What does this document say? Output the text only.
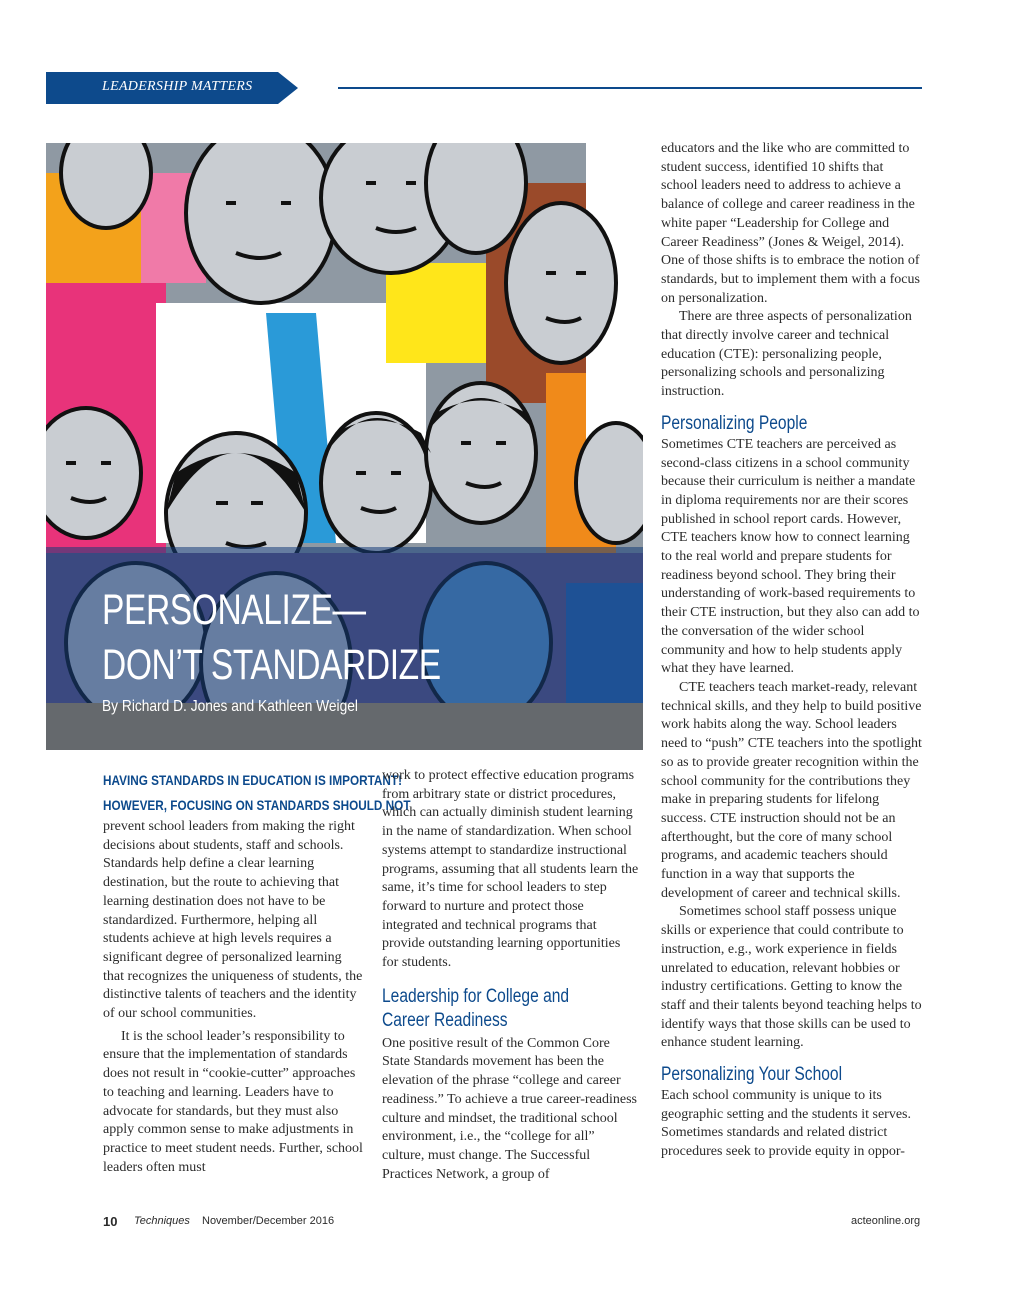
LEADERSHIP MATTERS
PERSONALIZE—
DON’T STANDARDIZE
By Richard D. Jones and Kathleen Weigel
HAVING STANDARDS IN EDUCATION IS IMPORTANT!
HOWEVER, FOCUSING ON STANDARDS SHOULD NOT

prevent school leaders from making the right decisions about students, staff and schools. Standards help define a clear learning destination, but the route to achieving that learning destination does not have to be standardized. Furthermore, helping all students achieve at high levels requires a significant degree of personalized learning that recognizes the uniqueness of students, the distinctive talents of teachers and the identity of our school communities.

It is the school leader’s responsibility to ensure that the implementation of standards does not result in “cookie-cutter” approaches to teaching and learning. Leaders have to advocate for standards, but they must also apply common sense to make adjustments in practice to meet student needs. Further, school leaders often must

work to protect effective education programs from arbitrary state or district procedures, which can actually diminish student learning in the name of standardization. When school systems attempt to standardize instructional programs, assuming that all students learn the same, it’s time for school leaders to step forward to nurture and protect those integrated and technical programs that provide outstanding learning opportunities for students.

Leadership for College and

Career Readiness

One positive result of the Common Core State Standards movement has been the elevation of the phrase “college and career readiness.” To achieve a true career-readiness culture and mindset, the traditional school environment, i.e., the “college for all” culture, must change. The Successful Practices Network, a group of

educators and the like who are committed to student success, identified 10 shifts that school leaders need to address to achieve a balance of college and career readiness in the white paper “Leadership for College and Career Readiness” (Jones & Weigel, 2014). One of those shifts is to embrace the notion of standards, but to implement them with a focus on personalization.

There are three aspects of personalization that directly involve career and technical education (CTE): personalizing people, personalizing schools and personalizing instruction.

Personalizing People

Sometimes CTE teachers are perceived as second-class citizens in a school community because their curriculum is neither a mandate in diploma requirements nor are their scores published in school report cards. However, CTE teachers know how to connect learning to the real world and prepare students for readiness beyond school. They bring their understanding of work-based requirements to their CTE instruction, but they also can add to the conversation of the wider school community and how to help students apply what they have learned.

CTE teachers teach market-ready, relevant technical skills, and they help to build positive work habits along the way. School leaders need to “push” CTE teachers into the spotlight so as to provide greater recognition within the school community for the contributions they make in preparing students for lifelong success. CTE instruction should not be an afterthought, but the core of many school programs, and academic teachers should function in a way that supports the development of career and technical skills.

Sometimes school staff possess unique skills or experience that could contribute to instruction, e.g., work experience in fields unrelated to education, relevant hobbies or industry certifications. Getting to know the staff and their talents beyond teaching helps to identify ways that those skills can be used to enhance student learning.

Personalizing Your School

Each school community is unique to its geographic setting and the students it serves. Sometimes standards and related district procedures seek to provide equity in oppor-

10 Techniques November/December 2016	acteonline.org
